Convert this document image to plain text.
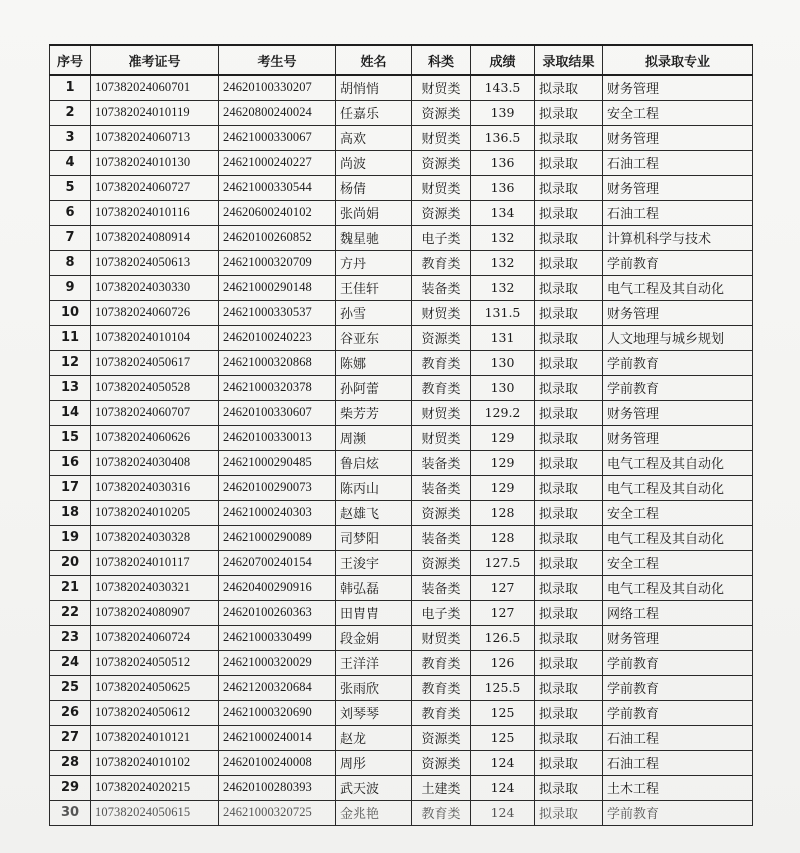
序号	准考证号	考生号	姓名	科类	成绩	录取结果	拟录取专业
1	107382024060701	24620100330207	胡悄悄	财贸类	143.5	拟录取	财务管理
2	107382024010119	24620800240024	任嘉乐	资源类	139	拟录取	安全工程
3	107382024060713	24621000330067	高欢	财贸类	136.5	拟录取	财务管理
4	107382024010130	24621000240227	尚波	资源类	136	拟录取	石油工程
5	107382024060727	24621000330544	杨倩	财贸类	136	拟录取	财务管理
6	107382024010116	24620600240102	张尚娟	资源类	134	拟录取	石油工程
7	107382024080914	24620100260852	魏星驰	电子类	132	拟录取	计算机科学与技术
8	107382024050613	24621000320709	方丹	教育类	132	拟录取	学前教育
9	107382024030330	24621000290148	王佳轩	装备类	132	拟录取	电气工程及其自动化
10	107382024060726	24621000330537	孙雪	财贸类	131.5	拟录取	财务管理
11	107382024010104	24620100240223	谷亚东	资源类	131	拟录取	人文地理与城乡规划
12	107382024050617	24621000320868	陈娜	教育类	130	拟录取	学前教育
13	107382024050528	24621000320378	孙阿蕾	教育类	130	拟录取	学前教育
14	107382024060707	24620100330607	柴芳芳	财贸类	129.2	拟录取	财务管理
15	107382024060626	24620100330013	周濒	财贸类	129	拟录取	财务管理
16	107382024030408	24621000290485	鲁启炫	装备类	129	拟录取	电气工程及其自动化
17	107382024030316	24620100290073	陈丙山	装备类	129	拟录取	电气工程及其自动化
18	107382024010205	24621000240303	赵雄飞	资源类	128	拟录取	安全工程
19	107382024030328	24621000290089	司梦阳	装备类	128	拟录取	电气工程及其自动化
20	107382024010117	24620700240154	王浚宇	资源类	127.5	拟录取	安全工程
21	107382024030321	24620400290916	韩弘磊	装备类	127	拟录取	电气工程及其自动化
22	107382024080907	24620100260363	田胄胄	电子类	127	拟录取	网络工程
23	107382024060724	24621000330499	段金娟	财贸类	126.5	拟录取	财务管理
24	107382024050512	24621000320029	王洋洋	教育类	126	拟录取	学前教育
25	107382024050625	24621200320684	张雨欣	教育类	125.5	拟录取	学前教育
26	107382024050612	24621000320690	刘琴琴	教育类	125	拟录取	学前教育
27	107382024010121	24621000240014	赵龙	资源类	125	拟录取	石油工程
28	107382024010102	24620100240008	周彤	资源类	124	拟录取	石油工程
29	107382024020215	24620100280393	武天波	土建类	124	拟录取	土木工程
30	107382024050615	24621000320725	金兆艳	教育类	124	拟录取	学前教育
